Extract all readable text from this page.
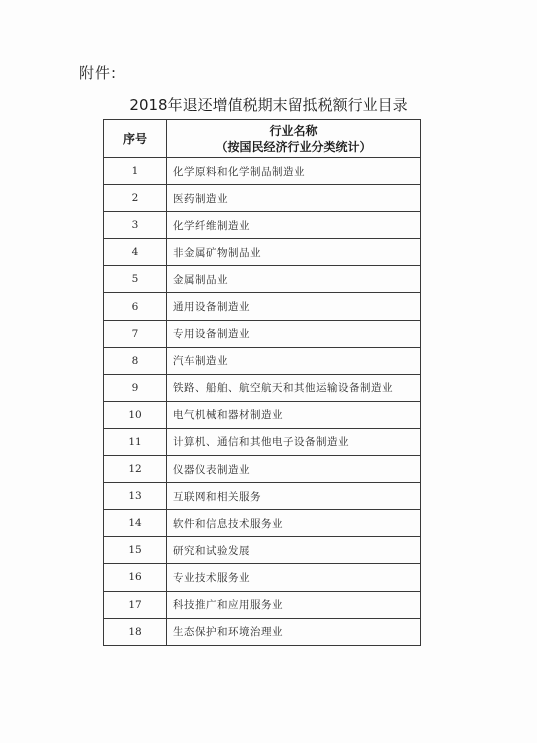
附件:
2018年退还增值税期末留抵税额行业目录
序号	行业名称
（按国民经济行业分类统计）

1	化学原料和化学制品制造业
2	医药制造业
3	化学纤维制造业
4	非金属矿物制品业
5	金属制品业
6	通用设备制造业
7	专用设备制造业
8	汽车制造业
9	铁路、船舶、航空航天和其他运输设备制造业
10	电气机械和器材制造业
11	计算机、通信和其他电子设备制造业
12	仪器仪表制造业
13	互联网和相关服务
14	软件和信息技术服务业
15	研究和试验发展
16	专业技术服务业
17	科技推广和应用服务业
18	生态保护和环境治理业
